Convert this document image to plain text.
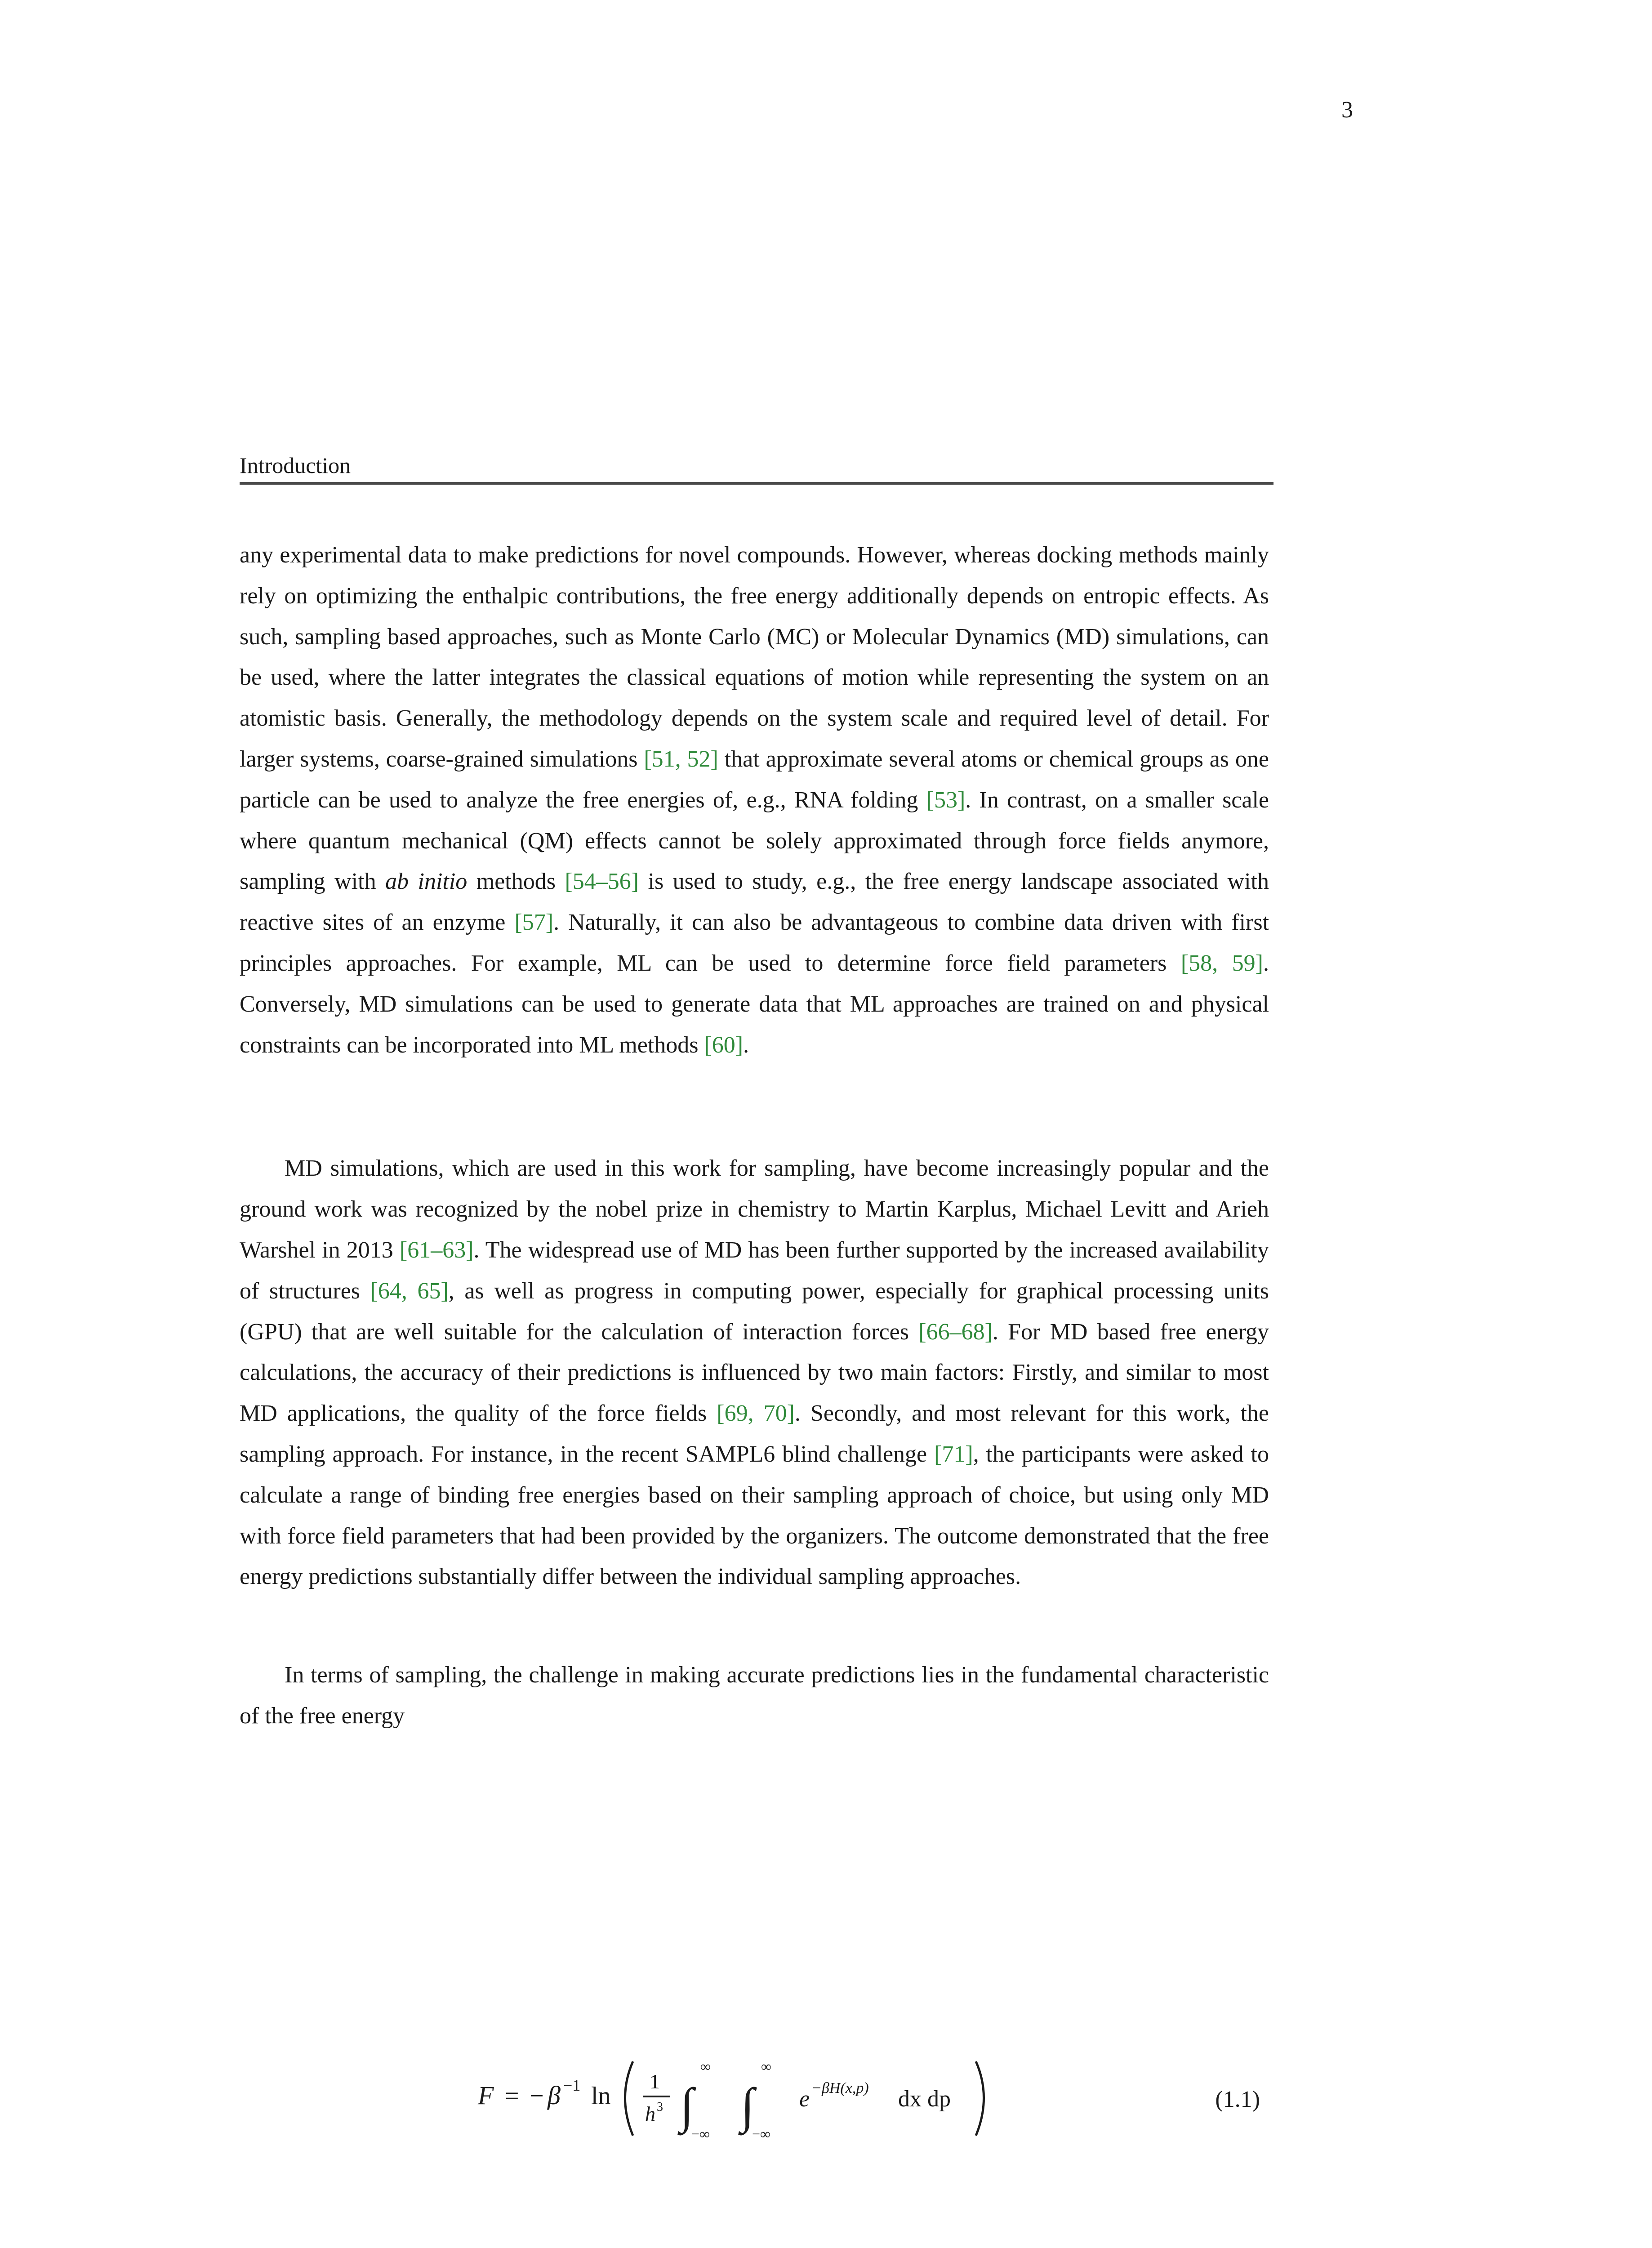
3
Introduction

any experimental data to make predictions for novel compounds. However, whereas docking methods mainly rely on optimizing the enthalpic contributions, the free energy additionally depends on entropic effects. As such, sampling based approaches, such as Monte Carlo (MC) or Molecular Dynamics (MD) simulations, can be used, where the latter integrates the classical equations of motion while representing the system on an atomistic basis. Generally, the methodology depends on the system scale and required level of detail. For larger systems, coarse-grained simulations [51, 52] that approximate several atoms or chemical groups as one particle can be used to analyze the free energies of, e.g., RNA folding [53]. In contrast, on a smaller scale where quantum mechanical (QM) effects cannot be solely approximated through force fields anymore, sampling with ab initio methods [54–56] is used to study, e.g., the free energy landscape associated with reactive sites of an enzyme [57]. Naturally, it can also be advantageous to combine data driven with first principles approaches. For example, ML can be used to determine force field parameters [58, 59]. Conversely, MD simulations can be used to generate data that ML approaches are trained on and physical constraints can be incorporated into ML methods [60].

MD simulations, which are used in this work for sampling, have become increasingly popular and the ground work was recognized by the nobel prize in chemistry to Martin Karplus, Michael Levitt and Arieh Warshel in 2013 [61–63]. The widespread use of MD has been further supported by the increased availability of structures [64, 65], as well as progress in computing power, especially for graphical processing units (GPU) that are well suitable for the calculation of interaction forces [66–68]. For MD based free energy calculations, the accuracy of their predictions is influenced by two main factors: Firstly, and similar to most MD applications, the quality of the force fields [69, 70]. Secondly, and most relevant for this work, the sampling approach. For instance, in the recent SAMPL6 blind challenge [71], the participants were asked to calculate a range of binding free energies based on their sampling approach of choice, but using only MD with force field parameters that had been provided by the organizers. The outcome demonstrated that the free energy predictions substantially differ between the individual sampling approaches.

In terms of sampling, the challenge in making accurate predictions lies in the fundamental characteristic of the free energy

F = − β −1 ln
1
h 3 ∫
∞
−∞
∫
∞
−∞
e −βH(x,p) dx dp	(1.1)
